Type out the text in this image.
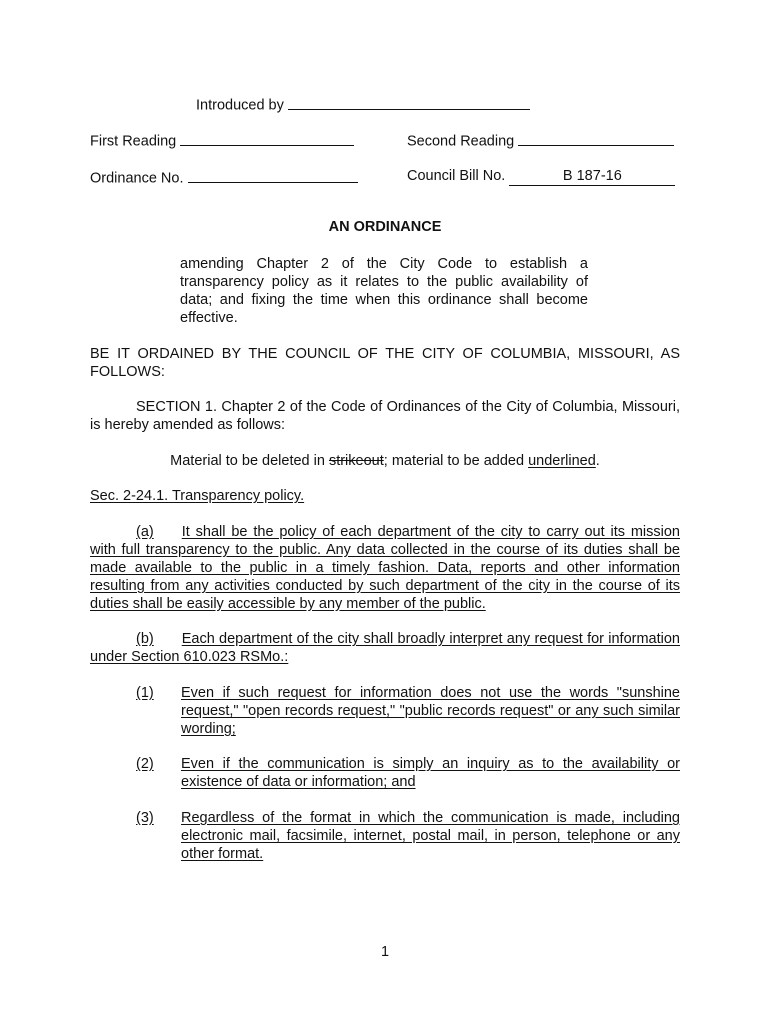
Introduced by
First Reading	Second Reading
Ordinance No.	Council Bill No.	B 187-16
AN ORDINANCE

amending Chapter 2 of the City Code to establish a transparency policy as it relates to the public availability of data; and fixing the time when this ordinance shall become effective.

BE IT ORDAINED BY THE COUNCIL OF THE CITY OF COLUMBIA, MISSOURI, AS FOLLOWS:

SECTION 1. Chapter 2 of the Code of Ordinances of the City of Columbia, Missouri, is hereby amended as follows:

Material to be deleted in strikeout; material to be added underlined.
Sec. 2-24.1. Transparency policy.

(a) It shall be the policy of each department of the city to carry out its mission with full transparency to the public. Any data collected in the course of its duties shall be made available to the public in a timely fashion. Data, reports and other information resulting from any activities conducted by such department of the city in the course of its duties shall be easily accessible by any member of the public.

(b) Each department of the city shall broadly interpret any request for information under Section 610.023 RSMo.:

(1) Even if such request for information does not use the words "sunshine request," "open records request," "public records request" or any such similar wording;

(2) Even if the communication is simply an inquiry as to the availability or existence of data or information; and

(3) Regardless of the format in which the communication is made, including electronic mail, facsimile, internet, postal mail, in person, telephone or any other format.

1
